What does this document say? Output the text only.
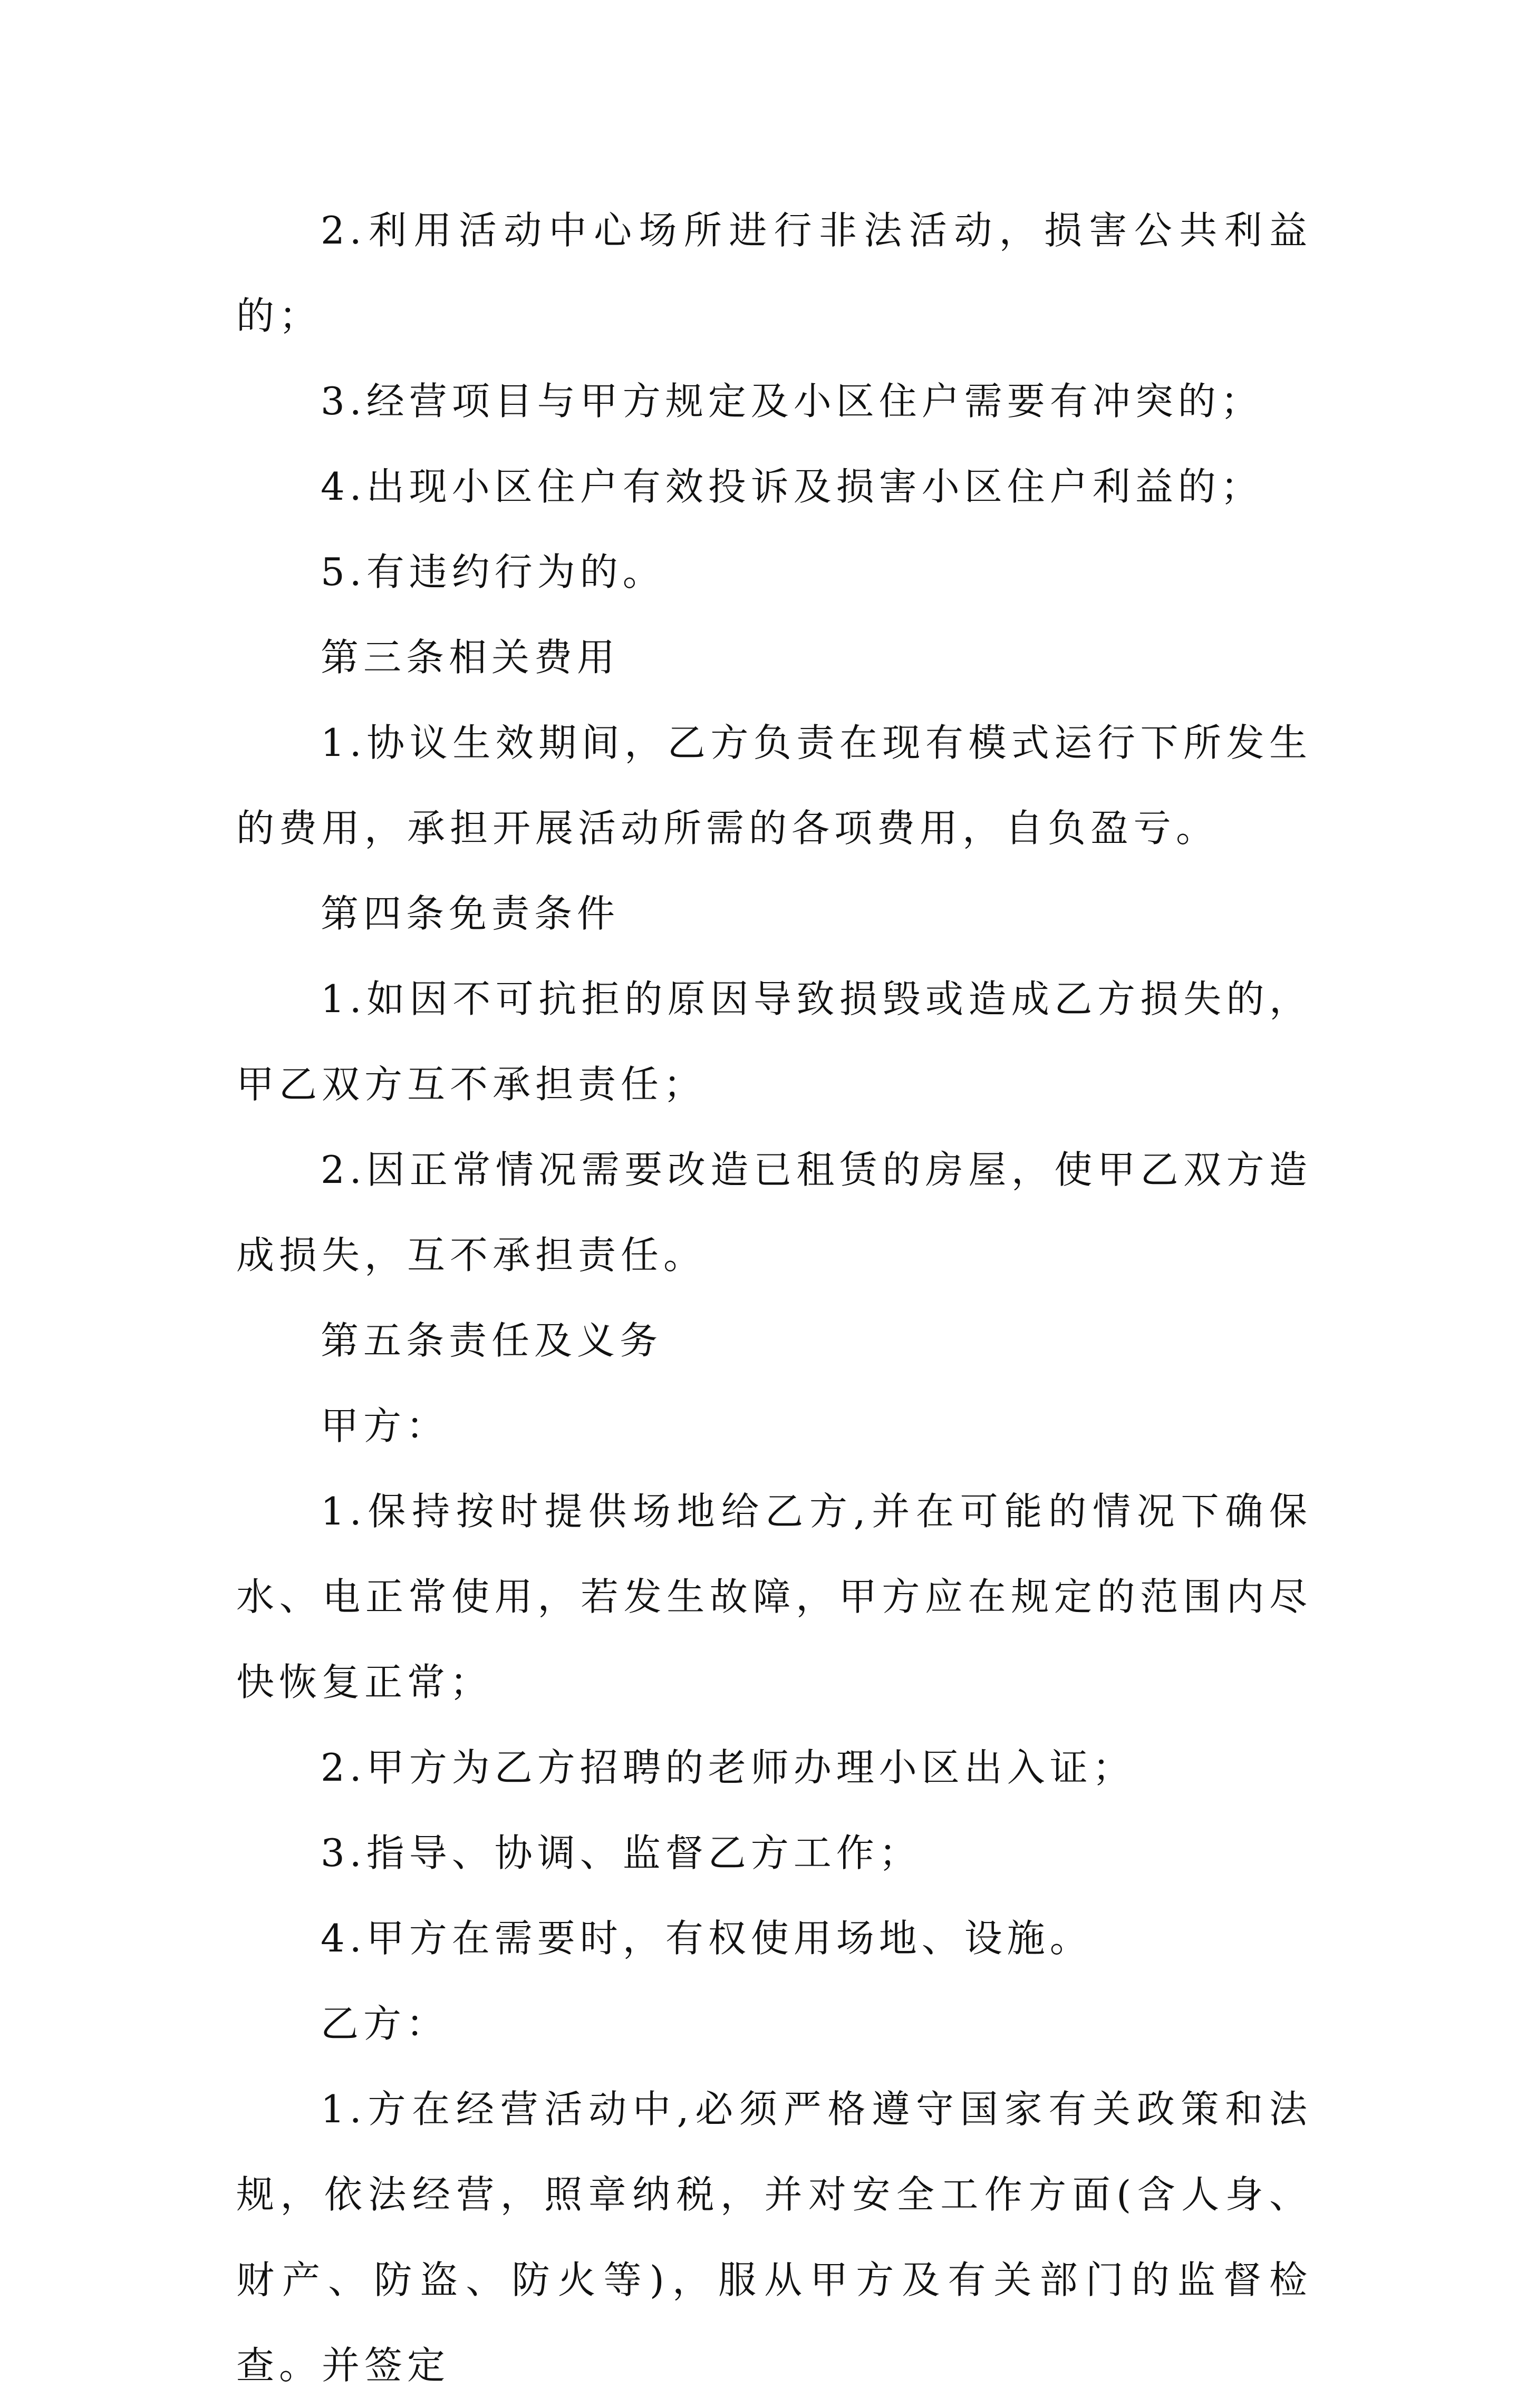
2.利用活动中心场所进行非法活动，损害公共利益的；

3.经营项目与甲方规定及小区住户需要有冲突的；

4.出现小区住户有效投诉及损害小区住户利益的；

5.有违约行为的。

第三条相关费用

1.协议生效期间，乙方负责在现有模式运行下所发生的费用，承担开展活动所需的各项费用，自负盈亏。

第四条免责条件

1.如因不可抗拒的原因导致损毁或造成乙方损失的，甲乙双方互不承担责任；

2.因正常情况需要改造已租赁的房屋，使甲乙双方造成损失，互不承担责任。

第五条责任及义务

甲方：

1.保持按时提供场地给乙方,并在可能的情况下确保水、电正常使用，若发生故障，甲方应在规定的范围内尽快恢复正常；

2.甲方为乙方招聘的老师办理小区出入证；

3.指导、协调、监督乙方工作；

4.甲方在需要时，有权使用场地、设施。

乙方：

1.方在经营活动中,必须严格遵守国家有关政策和法规，依法经营，照章纳税，并对安全工作方面(含人身、财产、防盗、防火等)，服从甲方及有关部门的监督检查。并签定
